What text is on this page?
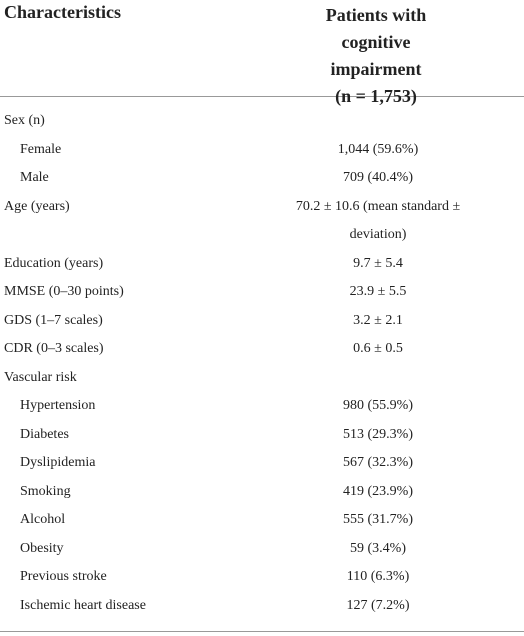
Characteristics	Patients with cognitive
impairment
(n = 1,753)
Sex (n)
Female	1,044 (59.6%)
Male	709 (40.4%)
Age (years)	70.2 ± 10.6 (mean standard ± deviation)
Education (years)	9.7 ± 5.4
MMSE (0–30 points)	23.9 ± 5.5
GDS (1–7 scales)	3.2 ± 2.1
CDR (0–3 scales)	0.6 ± 0.5
Vascular risk
Hypertension	980 (55.9%)
Diabetes	513 (29.3%)
Dyslipidemia	567 (32.3%)
Smoking	419 (23.9%)
Alcohol	555 (31.7%)
Obesity	59 (3.4%)
Previous stroke	110 (6.3%)
Ischemic heart disease	127 (7.2%)
